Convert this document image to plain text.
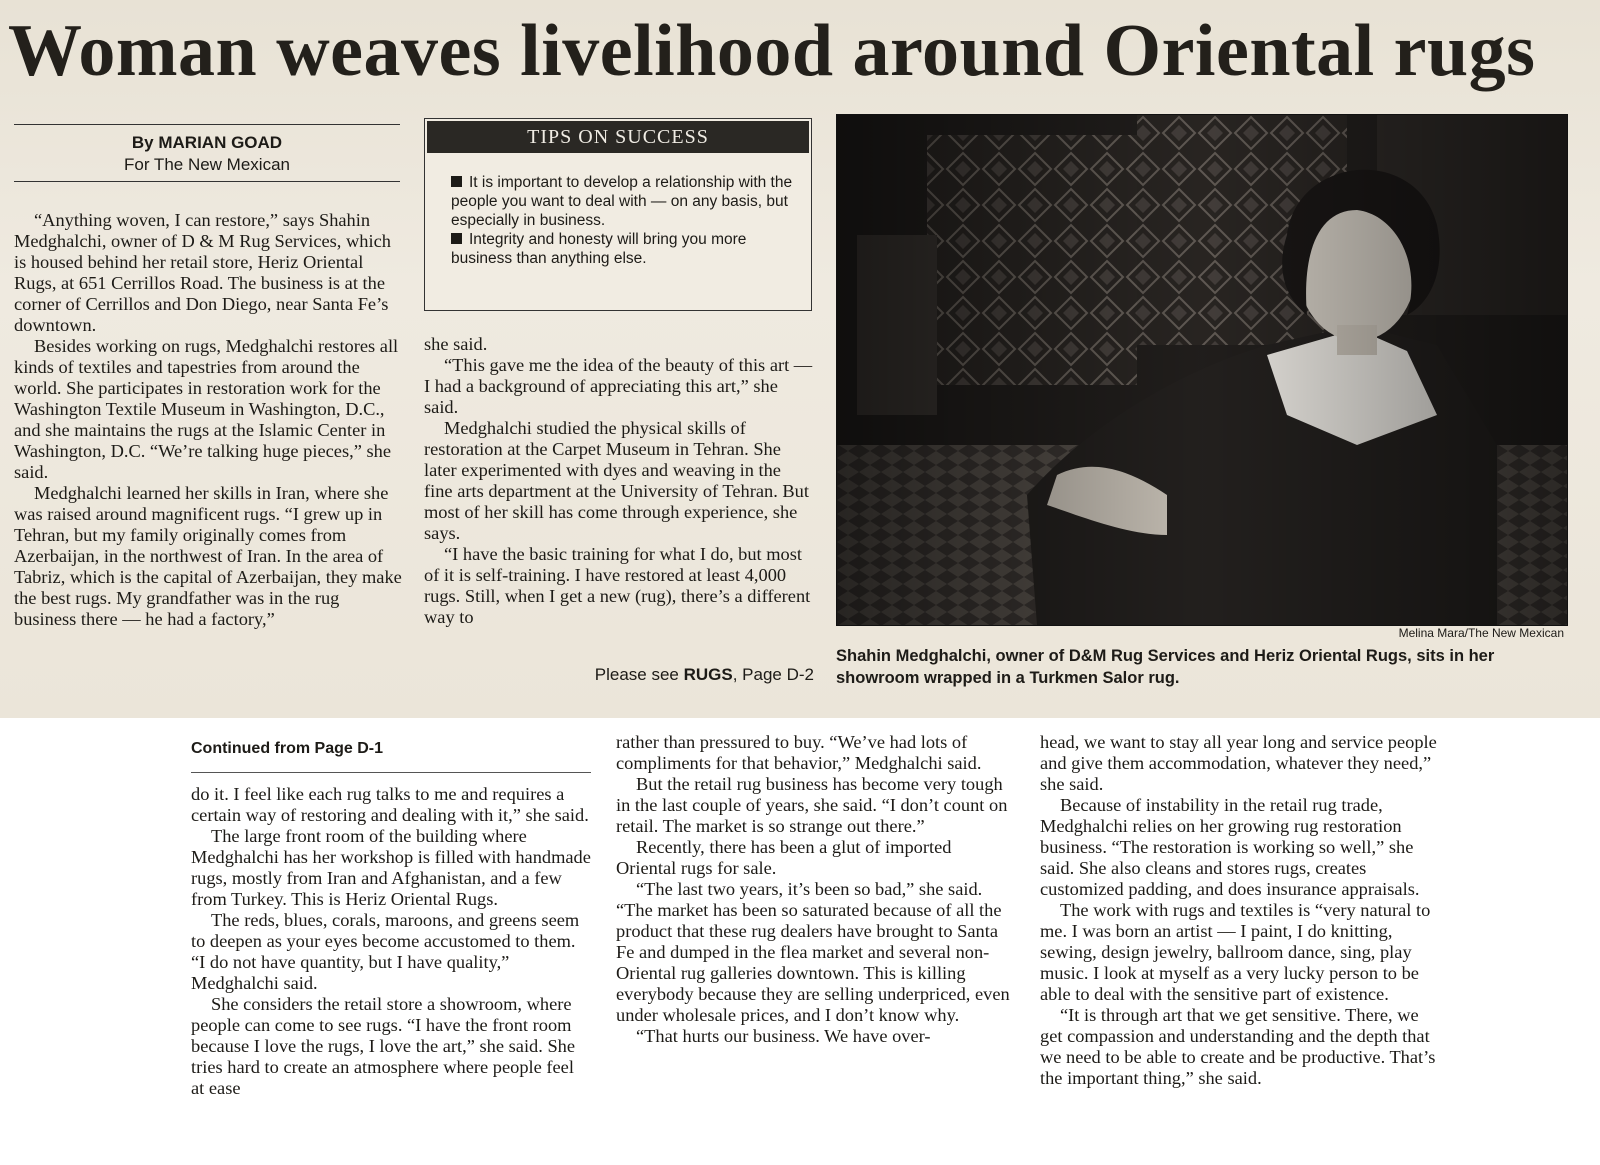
Woman weaves livelihood around Oriental rugs
By MARIAN GOAD
For The New Mexican

“Anything woven, I can restore,” says Shahin Medghalchi, owner of D & M Rug Services, which is housed behind her retail store, Heriz Oriental Rugs, at 651 Cerrillos Road. The business is at the corner of Cerrillos and Don Diego, near Santa Fe’s downtown.

Besides working on rugs, Medghalchi restores all kinds of textiles and tapestries from around the world. She participates in restoration work for the Washington Textile Museum in Washington, D.C., and she maintains the rugs at the Islamic Center in Washington, D.C. “We’re talking huge pieces,” she said.

Medghalchi learned her skills in Iran, where she was raised around magnificent rugs. “I grew up in Tehran, but my family originally comes from Azerbaijan, in the northwest of Iran. In the area of Tabriz, which is the capital of Azerbaijan, they make the best rugs. My grandfather was in the rug business there — he had a factory,”

TIPS ON SUCCESS
It is important to develop a relationship with the people you want to deal with — on any basis, but especially in business.
Integrity and honesty will bring you more business than anything else.

she said.

“This gave me the idea of the beauty of this art — I had a background of appreciating this art,” she said.

Medghalchi studied the physical skills of restoration at the Carpet Museum in Tehran. She later experimented with dyes and weaving in the fine arts department at the University of Tehran. But most of her skill has come through experience, she says.

“I have the basic training for what I do, but most of it is self-training. I have restored at least 4,000 rugs. Still, when I get a new (rug), there’s a different way to

Please see RUGS, Page D-2
Melina Mara/The New Mexican
Shahin Medghalchi, owner of D&M Rug Services and Heriz Oriental Rugs, sits in her showroom wrapped in a Turkmen Salor rug.
Continued from Page D-1

do it. I feel like each rug talks to me and requires a certain way of restoring and dealing with it,” she said.

The large front room of the building where Medghalchi has her workshop is filled with handmade rugs, mostly from Iran and Afghanistan, and a few from Turkey. This is Heriz Oriental Rugs.

The reds, blues, corals, maroons, and greens seem to deepen as your eyes become accustomed to them. “I do not have quantity, but I have quality,” Medghalchi said.

She considers the retail store a showroom, where people can come to see rugs. “I have the front room because I love the rugs, I love the art,” she said. She tries hard to create an atmosphere where people feel at ease

rather than pressured to buy. “We’ve had lots of compliments for that behavior,” Medghalchi said.

But the retail rug business has become very tough in the last couple of years, she said. “I don’t count on retail. The market is so strange out there.”

Recently, there has been a glut of imported Oriental rugs for sale.

“The last two years, it’s been so bad,” she said. “The market has been so saturated because of all the product that these rug dealers have brought to Santa Fe and dumped in the flea market and several non-Oriental rug galleries downtown. This is killing everybody because they are selling underpriced, even under wholesale prices, and I don’t know why.

“That hurts our business. We have over-

head, we want to stay all year long and service people and give them accommodation, whatever they need,” she said.

Because of instability in the retail rug trade, Medghalchi relies on her growing rug restoration business. “The restoration is working so well,” she said. She also cleans and stores rugs, creates customized padding, and does insurance appraisals.

The work with rugs and textiles is “very natural to me. I was born an artist — I paint, I do knitting, sewing, design jewelry, ballroom dance, sing, play music. I look at myself as a very lucky person to be able to deal with the sensitive part of existence.

“It is through art that we get sensitive. There, we get compassion and understanding and the depth that we need to be able to create and be productive. That’s the important thing,” she said.
